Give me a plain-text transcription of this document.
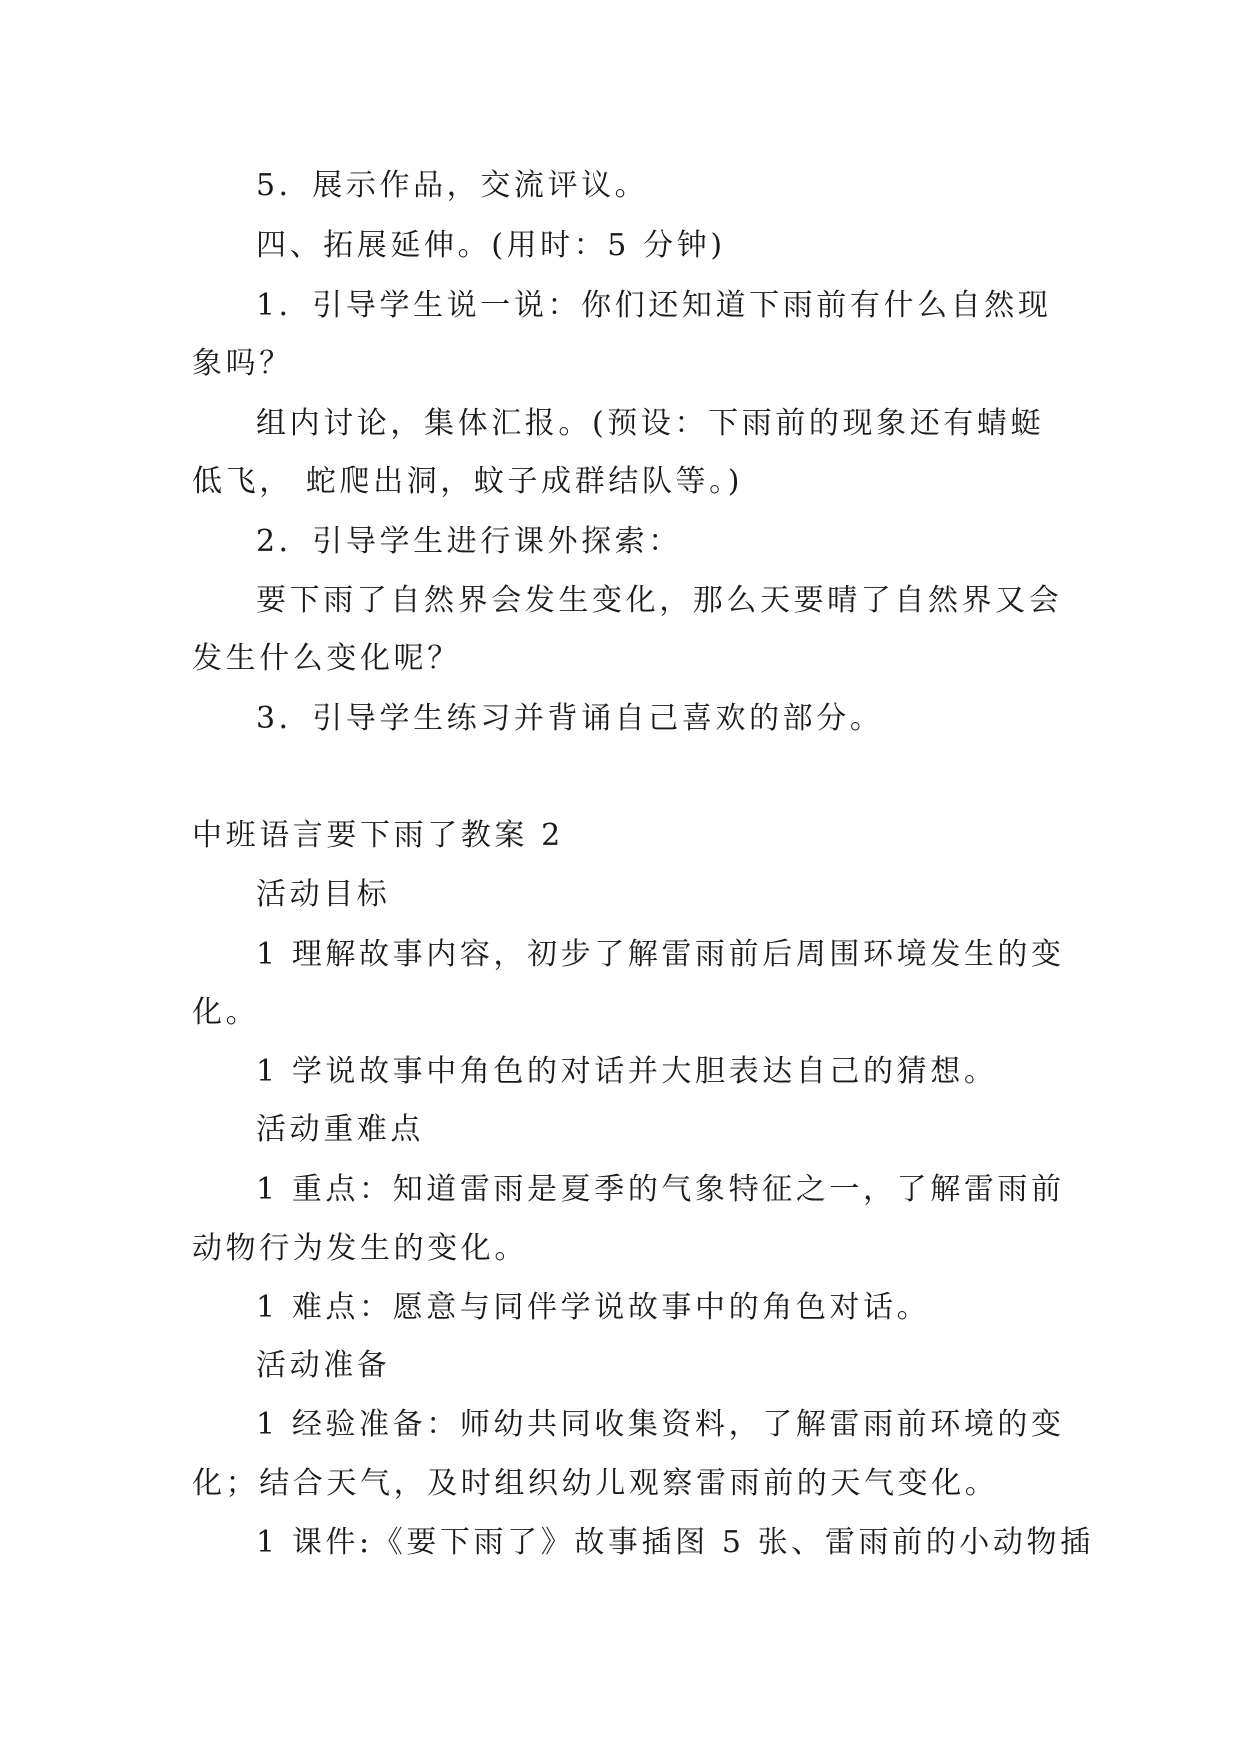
5．展示作品，交流评议。
四、拓展延伸。(用时：5 分钟)
1．引导学生说一说：你们还知道下雨前有什么自然现
象吗？
组内讨论，集体汇报。(预设：下雨前的现象还有蜻蜓
低飞， 蛇爬出洞，蚊子成群结队等。)
2．引导学生进行课外探索：
要下雨了自然界会发生变化，那么天要晴了自然界又会
发生什么变化呢？
3．引导学生练习并背诵自己喜欢的部分。
中班语言要下雨了教案 2
活动目标
1 理解故事内容，初步了解雷雨前后周围环境发生的变
化。
1 学说故事中角色的对话并大胆表达自己的猜想。
活动重难点
1 重点：知道雷雨是夏季的气象特征之一，了解雷雨前
动物行为发生的变化。
1 难点：愿意与同伴学说故事中的角色对话。
活动准备
1 经验准备：师幼共同收集资料，了解雷雨前环境的变
化；结合天气，及时组织幼儿观察雷雨前的天气变化。
1 课件:《要下雨了》故事插图 5 张、雷雨前的小动物插
